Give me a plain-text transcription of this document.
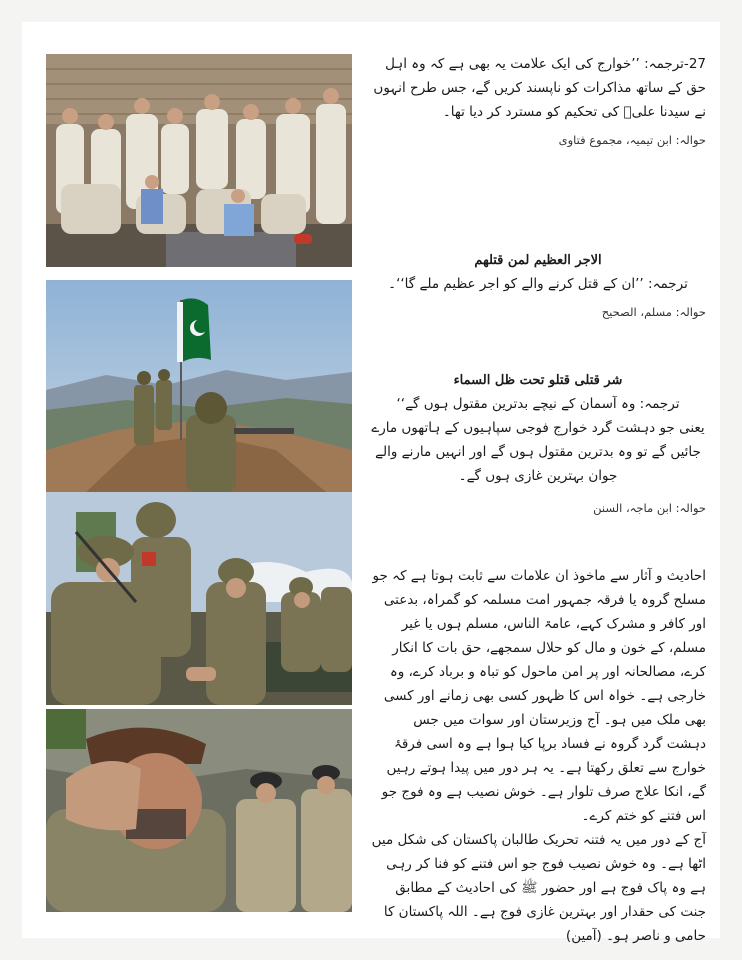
27-ترجمہ: ’’خوارج کی ایک علامت یہ بھی ہے کہ وہ اہل حق کے ساتھ مذاکرات کو ناپسند کریں گے، جس طرح انہوں نے سیدنا علیؓ کی تحکیم کو مسترد کر دیا تھا۔

حوالہ: ابن تیمیہ، مجموع فتاوی

الاجر العظیم لمن قتلھم

ترجمہ: ’’ان کے قتل کرنے والے کو اجر عظیم ملے گا‘‘۔

حوالہ: مسلم، الصحیح

شر قتلی قتلو تحت ظل السماء

ترجمہ: وہ آسمان کے نیچے بدترین مقتول ہوں گے‘‘

یعنی جو دہشت گرد خوارج فوجی سپاہیوں کے ہاتھوں مارے جائیں گے تو وہ بدترین مقتول ہوں گے اور انہیں مارنے والے جوان بہترین غازی ہوں گے۔

حوالہ: ابن ماجہ، السنن

احادیث و آثار سے ماخوذ ان علامات سے ثابت ہوتا ہے کہ جو مسلح گروہ یا فرقہ جمہور امت مسلمہ کو گمراہ، بدعتی اور کافر و مشرک کہے، عامۃ الناس، مسلم ہوں یا غیر مسلم، کے خون و مال کو حلال سمجھے، حق بات کا انکار کرے، مصالحانہ اور پر امن ماحول کو تباہ و برباد کرے، وہ خارجی ہے۔ خواہ اس کا ظہور کسی بھی زمانے اور کسی بھی ملک میں ہو۔ آج وزیرستان اور سوات میں جس دہشت گرد گروہ نے فساد برپا کیا ہوا ہے وہ اسی فرقۂ خوارج سے تعلق رکھتا ہے۔ یہ ہر دور میں پیدا ہوتے رہیں گے، انکا علاج صرف تلوار ہے۔ خوش نصیب ہے وہ فوج جو اس فتنے کو ختم کرے۔

آج کے دور میں یہ فتنہ تحریک طالبان پاکستان کی شکل میں اٹھا ہے۔ وہ خوش نصیب فوج جو اس فتنے کو فنا کر رہی ہے وہ پاک فوج ہے اور حضور ﷺ کی احادیث کے مطابق جنت کی حقدار اور بہترین غازی فوج ہے۔ اللہ پاکستان کا حامی و ناصر ہو۔ (آمین)
